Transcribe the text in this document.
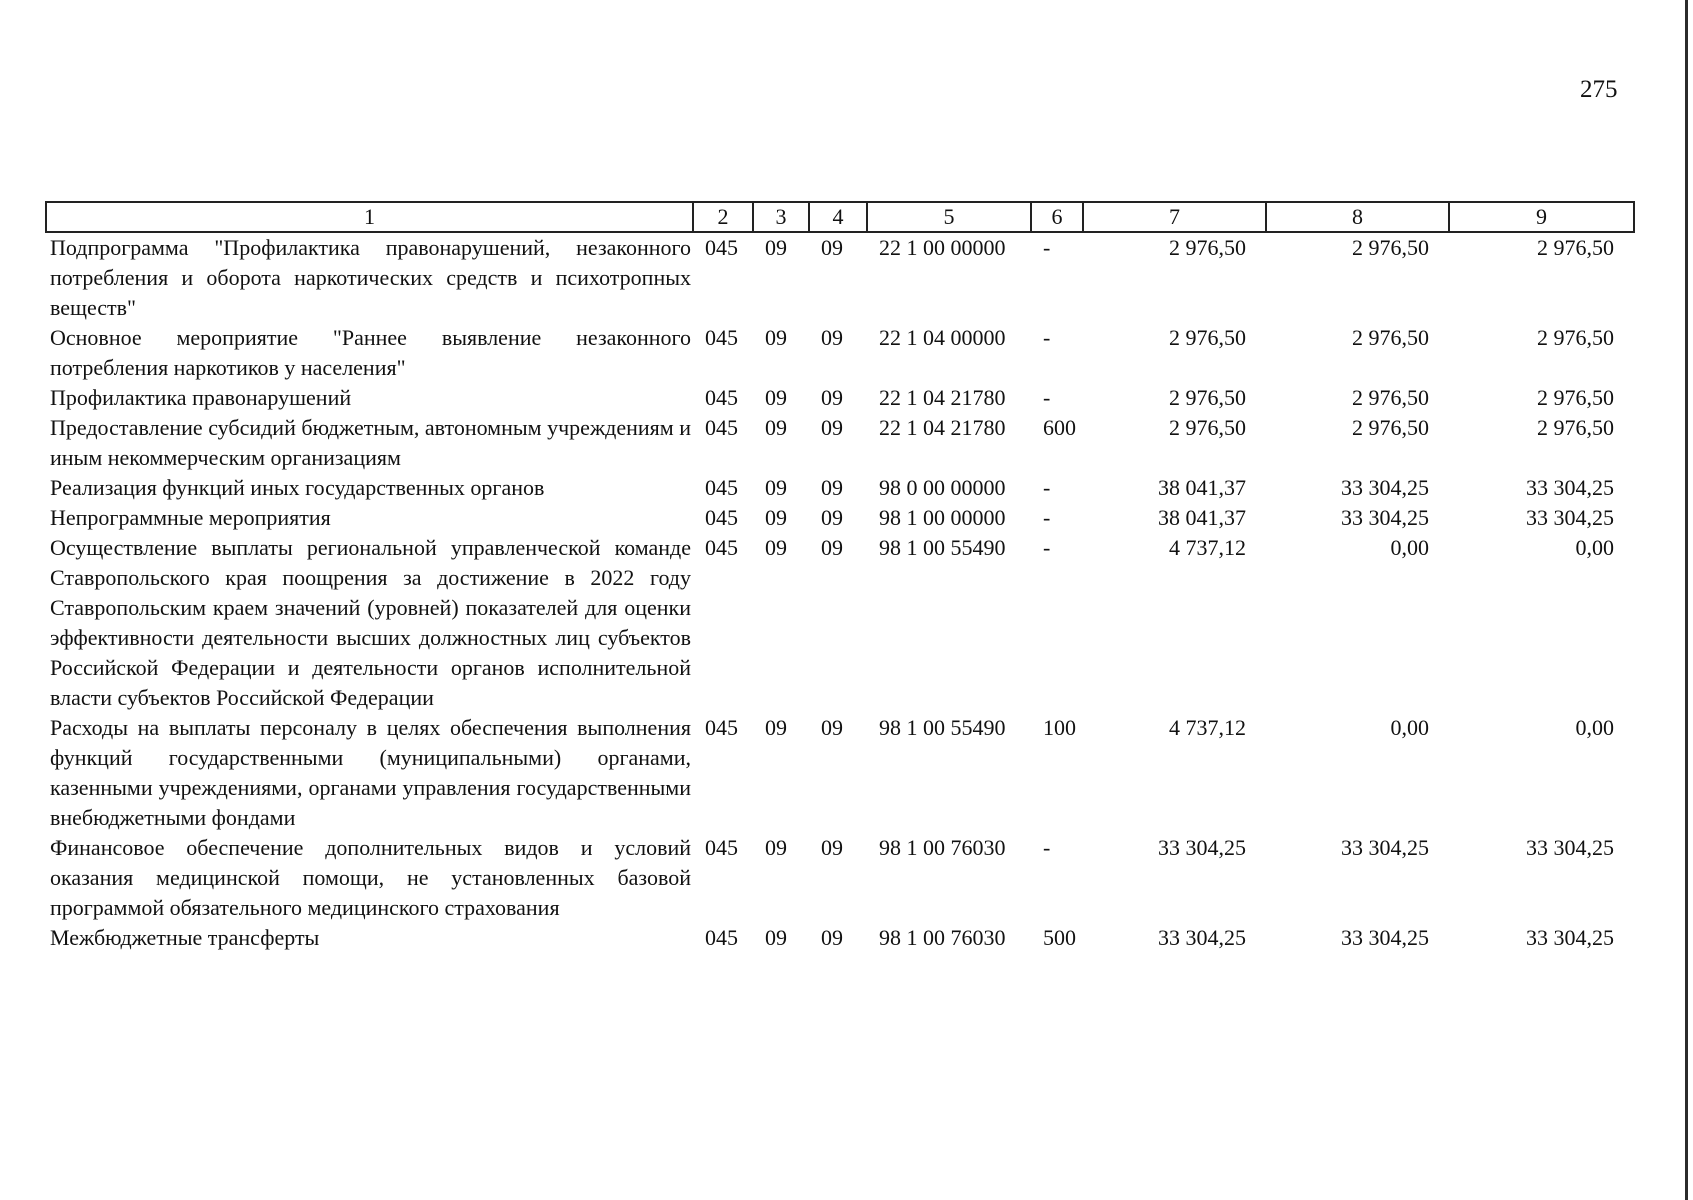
275
1	2	3	4	5	6	7	8	9
Подпрограмма "Профилактика правонарушений, незаконного потребления и оборота наркотических средств и психотропных веществ"	045	09	09	22 1 00 00000	-	2 976,50	2 976,50	2 976,50
Основное мероприятие "Раннее выявление незаконного потребления наркотиков у населения"	045	09	09	22 1 04 00000	-	2 976,50	2 976,50	2 976,50
Профилактика правонарушений	045	09	09	22 1 04 21780	-	2 976,50	2 976,50	2 976,50
Предоставление субсидий бюджетным, автономным учреждениям и иным некоммерческим организациям	045	09	09	22 1 04 21780	600	2 976,50	2 976,50	2 976,50
Реализация функций иных государственных органов	045	09	09	98 0 00 00000	-	38 041,37	33 304,25	33 304,25
Непрограммные мероприятия	045	09	09	98 1 00 00000	-	38 041,37	33 304,25	33 304,25
Осуществление выплаты региональной управленческой команде Ставропольского края поощрения за достижение в 2022 году Ставропольским краем значений (уровней) показателей для оценки эффективности деятельности высших должностных лиц субъектов Российской Федерации и деятельности органов исполнительной власти субъектов Российской Федерации	045	09	09	98 1 00 55490	-	4 737,12	0,00	0,00
Расходы на выплаты персоналу в целях обеспечения выполнения функций государственными (муниципальными) органами, казенными учреждениями, органами управления государственными внебюджетными фондами	045	09	09	98 1 00 55490	100	4 737,12	0,00	0,00
Финансовое обеспечение дополнительных видов и условий оказания медицинской помощи, не установленных базовой программой обязательного медицинского страхования	045	09	09	98 1 00 76030	-	33 304,25	33 304,25	33 304,25
Межбюджетные трансферты	045	09	09	98 1 00 76030	500	33 304,25	33 304,25	33 304,25
